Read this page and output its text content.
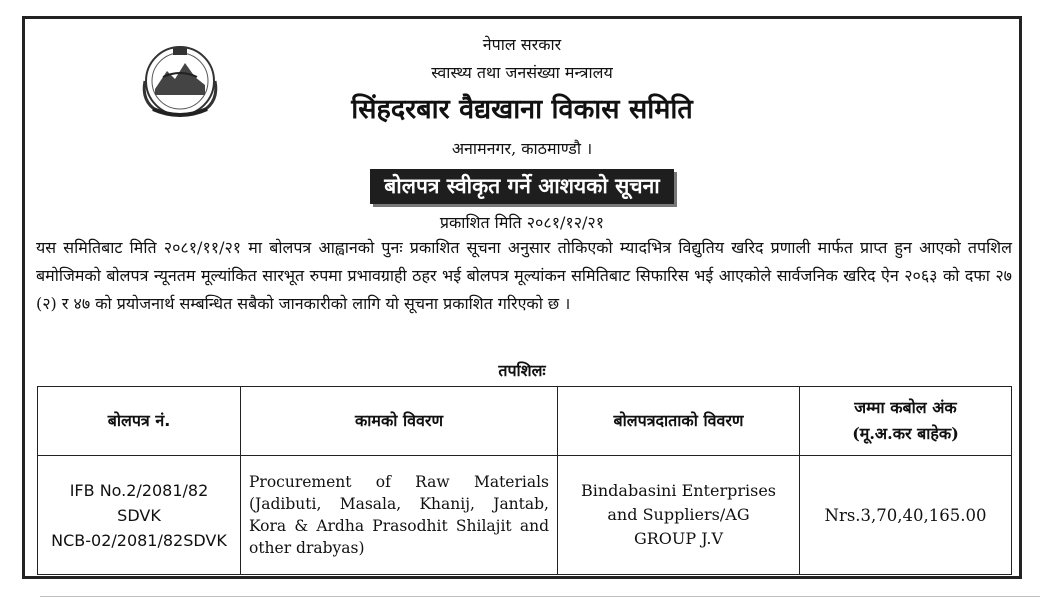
नेपाल सरकार
स्वास्थ्य तथा जनसंख्या मन्त्रालय
सिंहदरबार वैद्यखाना विकास समिति
अनामनगर, काठमाण्डौ ।
बोलपत्र स्वीकृत गर्ने आशयको सूचना
प्रकाशित मिति २०८१/१२/२१
यस समितिबाट मिति २०८१/११/२१ मा बोलपत्र आह्वानको पुनः प्रकाशित सूचना अनुसार तोकिएको म्यादभित्र विद्युतिय खरिद प्रणाली मार्फत प्राप्त हुन आएको तपशिल बमोजिमको बोलपत्र न्यूनतम मूल्यांकित सारभूत रुपमा प्रभावग्राही ठहर भई बोलपत्र मूल्यांकन समितिबाट सिफारिस भई आएकोले सार्वजनिक खरिद ऐन २०६३ को दफा २७ (२) र ४७ को प्रयोजनार्थ सम्बन्धित सबैको जानकारीको लागि यो सूचना प्रकाशित गरिएको छ ।
तपशिलः
बोलपत्र नं.	कामको विवरण	बोलपत्रदाताको विवरण	जम्मा कबोल अंक
(मू.अ.कर बाहेक)

IFB No.2/2081/82
SDVK
NCB-02/2081/82SDVK	Procurement of Raw Materials (Jadibuti, Masala, Khanij, Jantab, Kora & Ardha Prasodhit Shilajit and other drabyas)	Bindabasini Enterprises
and Suppliers/AG
GROUP J.V	Nrs.3,70,40,165.00
